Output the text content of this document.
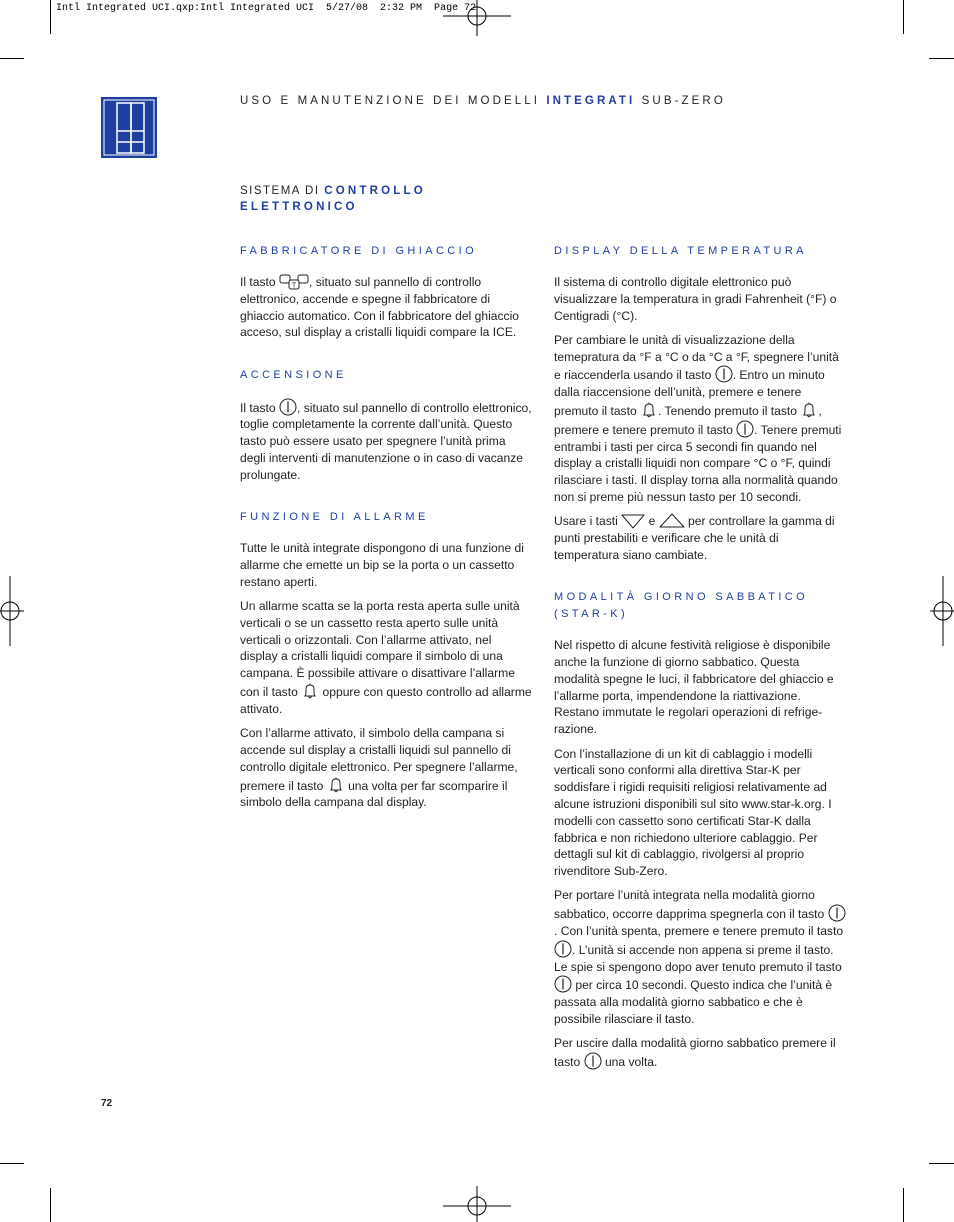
Intl Integrated UCI.qxp:Intl Integrated UCI  5/27/08  2:32 PM  Page 72
USO E MANUTENZIONE DEI MODELLI INTEGRATI SUB-ZERO
SISTEMA DI CONTROLLO
ELETTRONICO
FABBRICATORE DI GHIACCIO

Il tasto T , situato sul pannello di controllo elettronico, accende e spegne il fabbricatore di ghiaccio automatico. Con il fabbricatore del ghiaccio acceso, sul display a cristalli liquidi compare la ICE.

ACCENSIONE

Il tasto , situato sul pannello di controllo elettronico, toglie completamente la corrente dall’unità. Questo tasto può essere usato per spegnere l’unità prima degli interventi di manutenzione o in caso di vacanze prolungate.

FUNZIONE DI ALLARME

Tutte le unità integrate dispongono di una funzione di allarme che emette un bip se la porta o un cassetto restano aperti.

Un allarme scatta se la porta resta aperta sulle unità verticali o se un cassetto resta aperto sulle unità verticali o orizzontali. Con l’allarme attivato, nel display a cristalli liquidi compare il simbolo di una campana. È possibile attivare o disattivare l’allarme con il tasto  oppure con questo controllo ad allarme attivato.

Con l’allarme attivato, il simbolo della campana si accende sul display a cristalli liquidi sul pannello di controllo digitale elettronico. Per spegnere l’allarme, premere il tasto  una volta per far scomparire il simbolo della campana dal display.

DISPLAY DELLA TEMPERATURA

Il sistema di controllo digitale elettronico può visualizzare la temperatura in gradi Fahrenheit (°F) o Centigradi (°C).

Per cambiare le unità di visualizzazione della temepratura da °F a °C o da °C a °F, spegnere l’unità e riaccenderla usando il tasto . Entro un minuto dalla riaccensione dell’unità, premere e tenere premuto il tasto . Tenendo premuto il tasto , premere e tenere premuto il tasto . Tenere premuti entrambi i tasti per circa 5 secondi fin quando nel display a cristalli liquidi non compare °C o °F, quindi rilasciare i tasti. Il display torna alla normalità quando non si preme più nessun tasto per 10 secondi.

Usare i tasti  e  per controllare la gamma di punti prestabiliti e verificare che le unità di temperatura siano cambiate.

MODALITÀ GIORNO SABBATICO
(STAR-K)

Nel rispetto di alcune festività religiose è disponibile anche la funzione di giorno sabbatico. Questa modalità spegne le luci, il fabbricatore del ghiaccio e l’allarme porta, impendendone la riattivazione. Restano immutate le regolari operazioni di refrige- razione.

Con l’installazione di un kit di cablaggio i modelli verticali sono conformi alla direttiva Star-K per soddisfare i rigidi requisiti religiosi relativamente ad alcune istruzioni disponibili sul sito www.star-k.org. I modelli con cassetto sono certificati Star-K dalla fabbrica e non richiedono ulteriore cablaggio. Per dettagli sul kit di cablaggio, rivolgersi al proprio rivenditore Sub-Zero.

Per portare l’unità integrata nella modalità giorno sabbatico, occorre dapprima spegnerla con il tasto . Con l’unità spenta, premere e tenere premuto il tasto . L’unità si accende non appena si preme il tasto. Le spie si spengono dopo aver tenuto premuto il tasto  per circa 10 secondi. Questo indica che l’unità è passata alla modalità giorno sabbatico e che è possibile rilasciare il tasto.

Per uscire dalla modalità giorno sabbatico premere il tasto  una volta.

72
